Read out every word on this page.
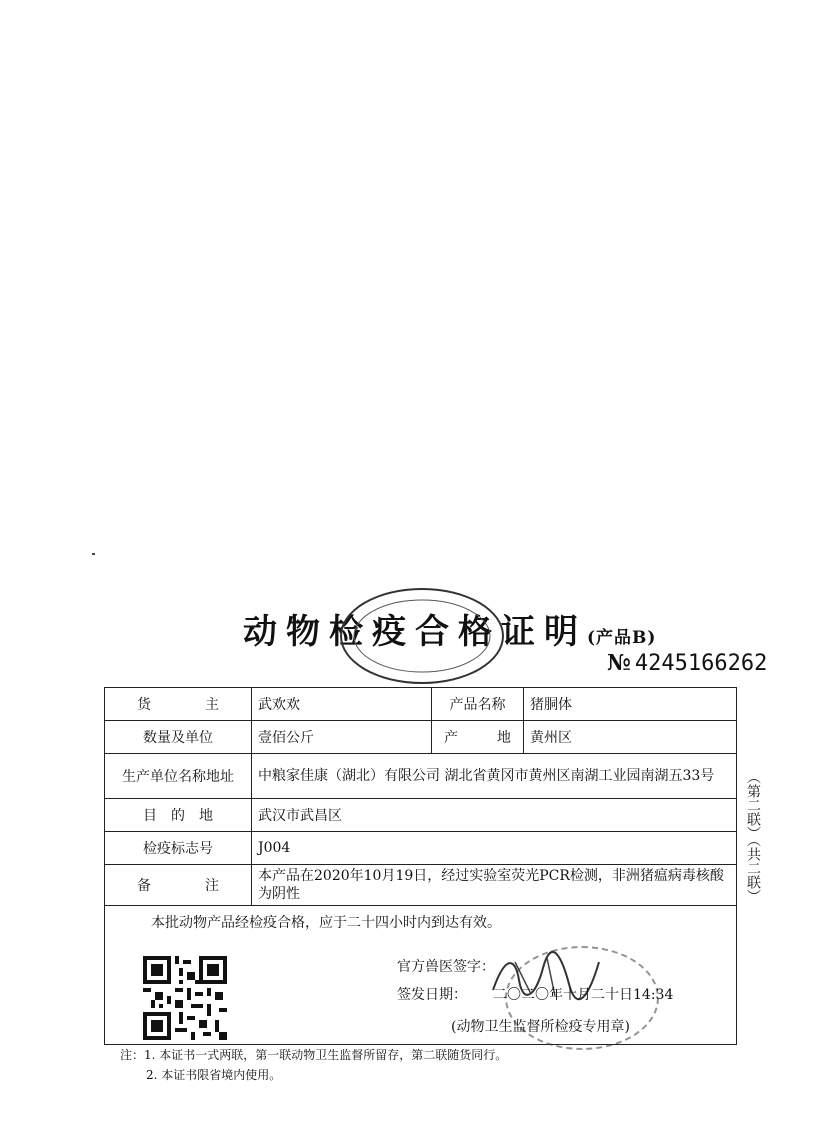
动物检疫合格证明(产品B)
№ 4245166262
货　主	武欢欢	产品名称	猪胴体
数量及单位	壹佰公斤	产　　地	黄州区
生产单位名称地址	中粮家佳康（湖北）有限公司 湖北省黄冈市黄州区南湖工业园南湖五33号		
目　的　地	武汉市武昌区		
检疫标志号	J004		
备　　注	本产品在2020年10月19日，经过实验室荧光PCR检测，非洲猪瘟病毒核酸为阴性		

本批动物产品经检疫合格，应于二十四小时内到达有效。
官方兽医签字：
签发日期： 二〇二〇年十月二十日14:34
(动物卫生监督所检疫专用章)			
（第二联）（共二联）
注：1. 本证书一式两联，第一联动物卫生监督所留存，第二联随货同行。
2. 本证书限省境内使用。
